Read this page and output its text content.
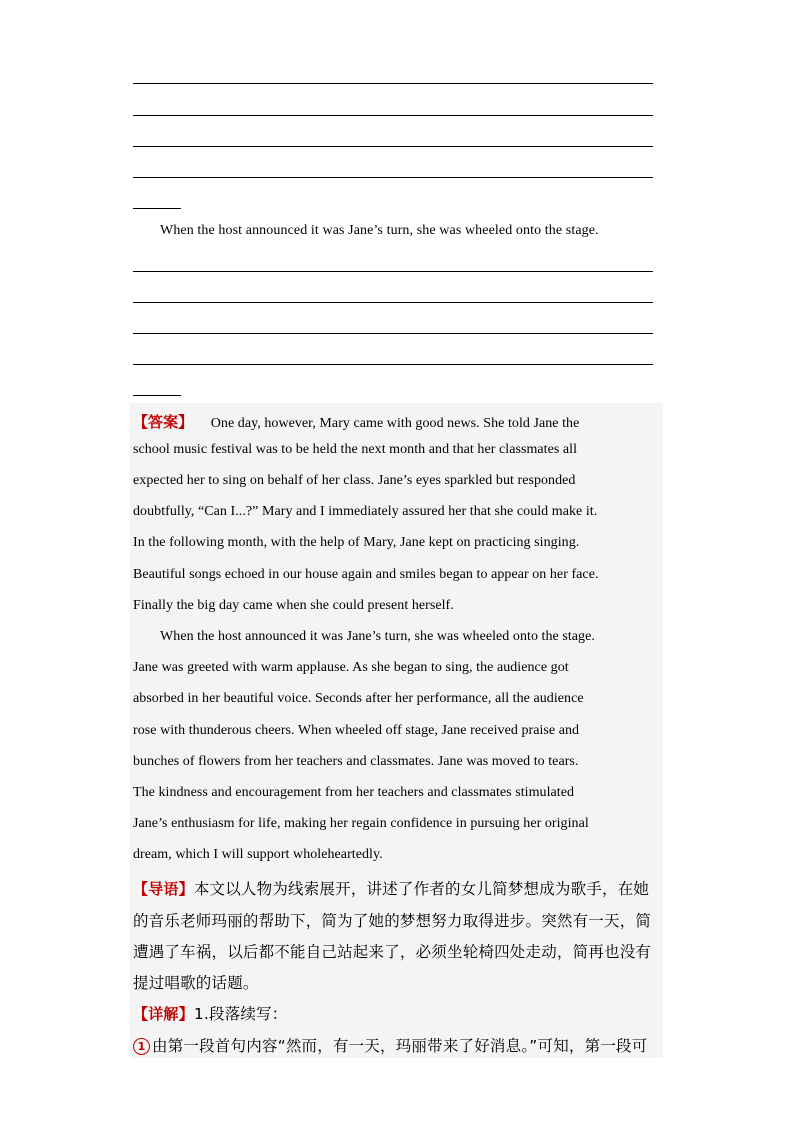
When the host announced it was Jane’s turn, she was wheeled onto the stage.
【答案】 One day, however, Mary came with good news. She told Jane the
school music festival was to be held the next month and that her classmates all
expected her to sing on behalf of her class. Jane’s eyes sparkled but responded
doubtfully, “Can I...?” Mary and I immediately assured her that she could make it.
In the following month, with the help of Mary, Jane kept on practicing singing.
Beautiful songs echoed in our house again and smiles began to appear on her face.
Finally the big day came when she could present herself.
When the host announced it was Jane’s turn, she was wheeled onto the stage.
Jane was greeted with warm applause. As she began to sing, the audience got
absorbed in her beautiful voice. Seconds after her performance, all the audience
rose with thunderous cheers. When wheeled off stage, Jane received praise and
bunches of flowers from her teachers and classmates. Jane was moved to tears.
The kindness and encouragement from her teachers and classmates stimulated
Jane’s enthusiasm for life, making her regain confidence in pursuing her original
dream, which I will support wholeheartedly.
【导语】本文以人物为线索展开，讲述了作者的女儿简梦想成为歌手，在她
的音乐老师玛丽的帮助下，简为了她的梦想努力取得进步。突然有一天，简
遭遇了车祸，以后都不能自己站起来了，必须坐轮椅四处走动，简再也没有
提过唱歌的话题。
【详解】1.段落续写：
1 由第一段首句内容“然而，有一天，玛丽带来了好消息。”可知，第一段可
